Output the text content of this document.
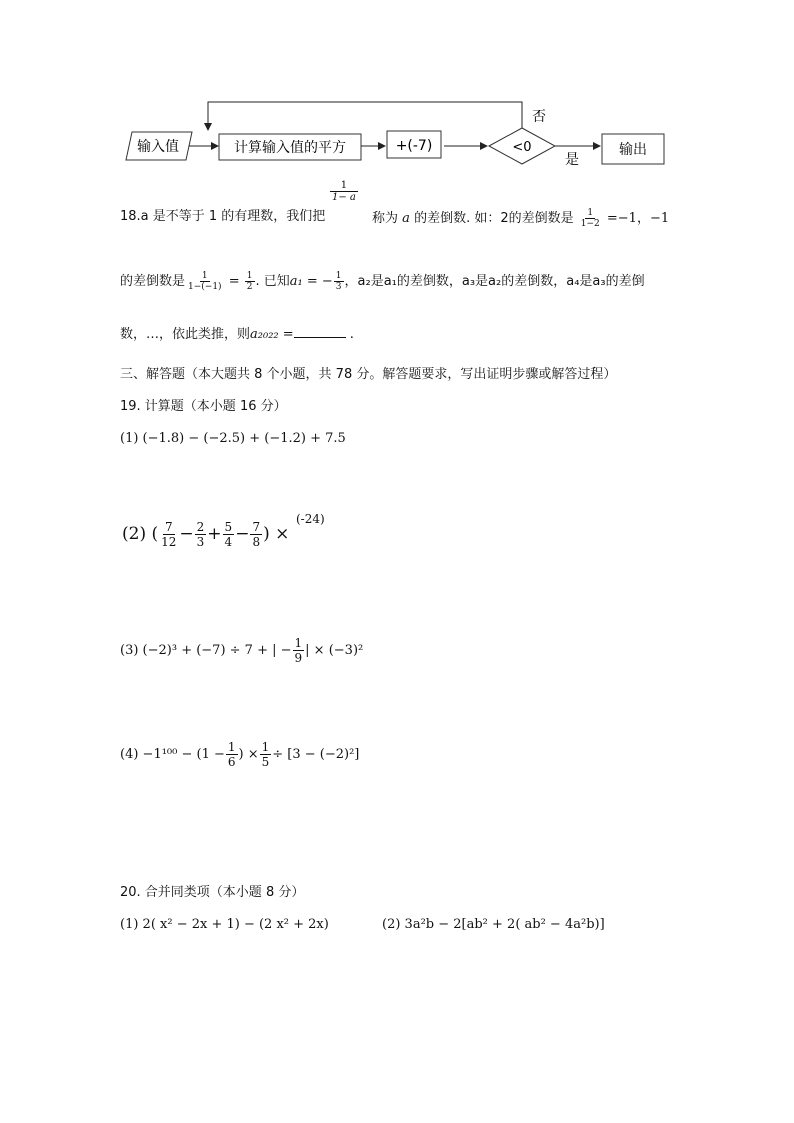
输入值	计算输入值的平方	+(-7)	<0
否
是
输出
18.a 是不等于 1 的有理数，我们把
$\frac{1}{1- a}$
称为 a 的差倒数. 如：2的差倒数是 $\frac{1}{1-2} =-1$，−1
的差倒数是 $\frac{1}{1-(-1)} = \frac{1}{2}$ . 已知a₁ = − $\frac{1}{3}$ ，a₂是a₁的差倒数，a₃是a₂的差倒数，a₄是a₃的差倒
数，…，依此类推，则a₂₀₂₂ =	.
三、解答题（本大题共 8 个小题，共 78 分。解答题要求，写出证明步骤或解答过程）
19. 计算题（本小题 16 分）
(1) (−1.8) − (−2.5) + (−1.2) + 7.5
(2) ( $\frac{7}{12} - \frac{2}{3} + \frac{5}{4} - \frac{7}{8}$ ) ×
(-24)
(3) (−2)³ + (−7) ÷ 7 + | − $\frac{1}{9}$ | × (−3)²
$(4) -1^{100} - (1 - \frac{1}{6}$ ) × $\frac{1}{5} \div [3 - (-2)^2]$
20. 合并同类项（本小题 8 分）
(1) 2( x² − 2x + 1) − (2 x² + 2x)	(2) 3a²b − 2[ab² + 2( ab² − 4a²b)]
